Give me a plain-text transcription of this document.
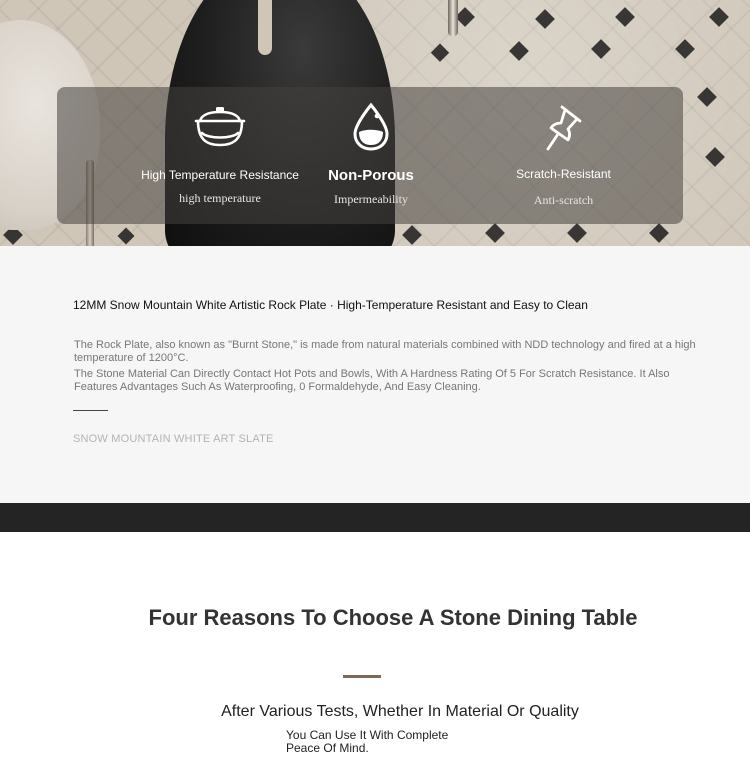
High Temperature Resistance
high temperature
Non-Porous
Impermeability
Scratch-Resistant
Anti-scratch
12MM Snow Mountain White Artistic Rock Plate · High-Temperature Resistant and Easy to Clean

The Rock Plate, also known as "Burnt Stone," is made from natural materials combined with NDD technology and fired at a high temperature of 1200°C.

The Stone Material Can Directly Contact Hot Pots and Bowls, With A Hardness Rating Of 5 For Scratch Resistance. It Also Features Advantages Such As Waterproofing, 0 Formaldehyde, And Easy Cleaning.

SNOW MOUNTAIN WHITE ART SLATE
Four Reasons To Choose A Stone Dining Table
After Various Tests, Whether In Material Or Quality
You Can Use It With Complete Peace Of Mind.
